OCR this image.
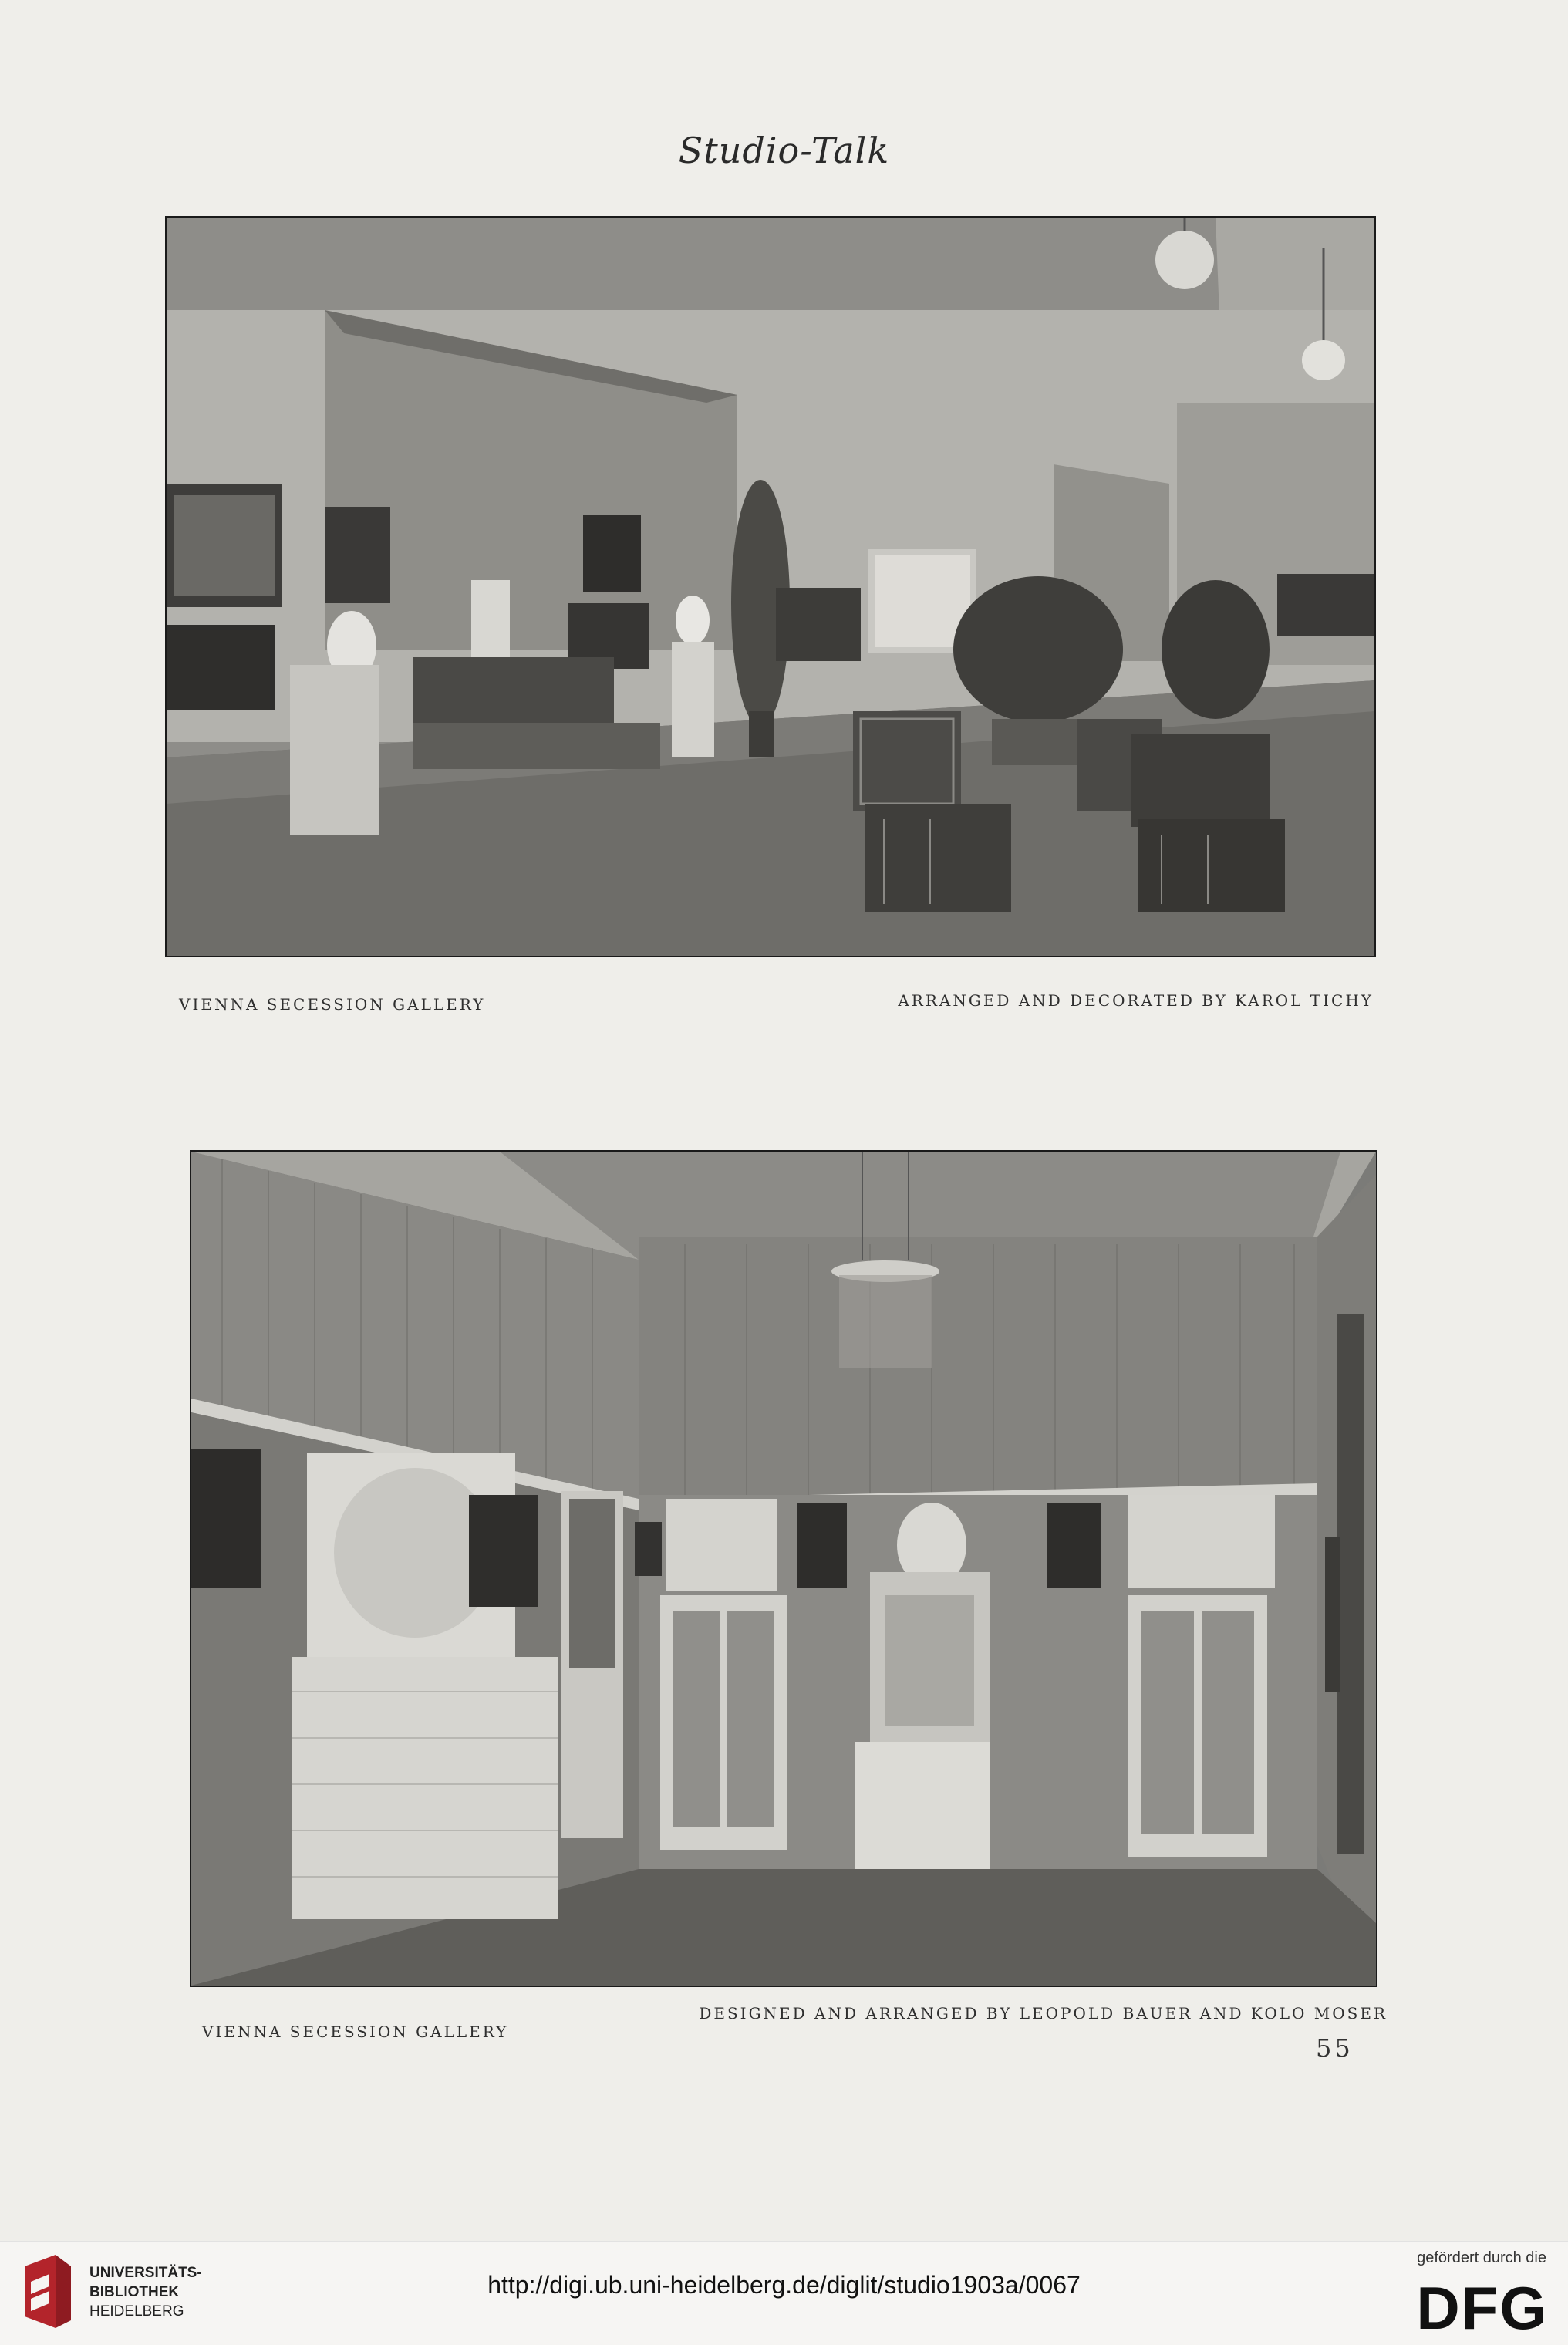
Studio-Talk
VIENNA SECESSION GALLERY	ARRANGED AND DECORATED BY KAROL TICHY
VIENNA SECESSION GALLERY
DESIGNED AND ARRANGED BY LEOPOLD BAUER AND KOLO MOSER
55
UNIVERSITÄTS-
BIBLIOTHEK
HEIDELBERG
http://digi.ub.uni-heidelberg.de/diglit/studio1903a/0067
gefördert durch die
DFG
